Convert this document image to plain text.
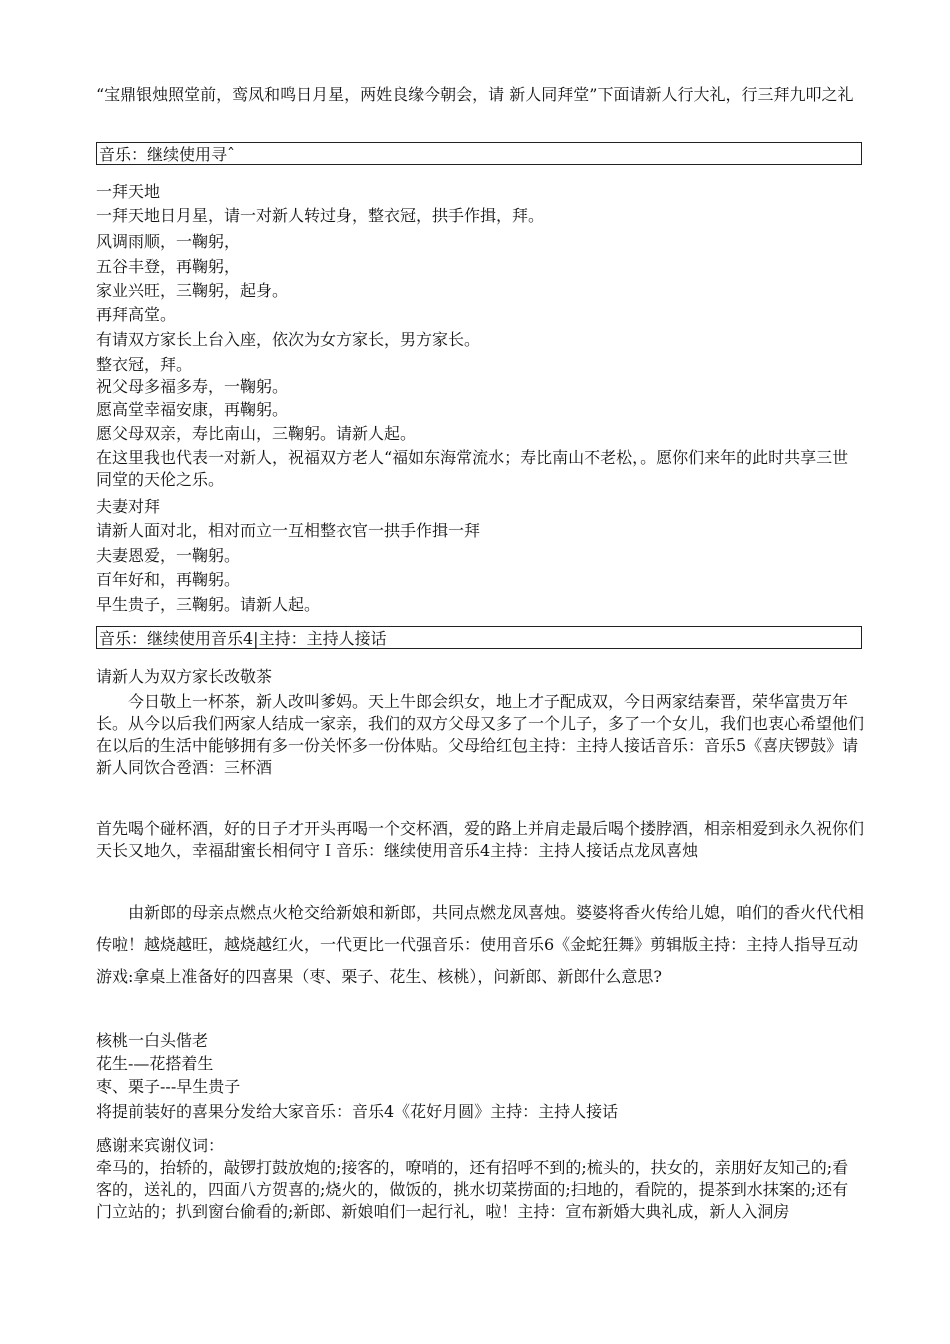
“宝鼎银烛照堂前，鸾凤和鸣日月星，两姓良缘今朝会，请 新人同拜堂”下面请新人行大礼，行三拜九叩之礼

音乐：继续使用寻ˆ

一拜天地

一拜天地日月星，请一对新人转过身，整衣冠，拱手作揖，拜。

风调雨顺，一鞠躬，

五谷丰登，再鞠躬，

家业兴旺，三鞠躬，起身。

再拜高堂。

有请双方家长上台入座，依次为女方家长，男方家长。

整衣冠，拜。

祝父母多福多寿，一鞠躬。

愿高堂幸福安康，再鞠躬。

愿父母双亲，寿比南山，三鞠躬。请新人起。

在这里我也代表一对新人，祝福双方老人“福如东海常流水；寿比南山不老松，。愿你们来年的此时共享三世同堂的天伦之乐。

夫妻对拜

请新人面对北，相对而立一互相整衣官一拱手作揖一拜

夫妻恩爱，一鞠躬。

百年好和，再鞠躬。

早生贵子，三鞠躬。请新人起。

音乐：继续使用音乐4|主持：主持人接话

请新人为双方家长改敬茶

今日敬上一杯茶，新人改叫爹妈。天上牛郎会织女，地上才子配成双，今日两家结秦晋，荣华富贵万年长。从今以后我们两家人结成一家亲，我们的双方父母又多了一个儿子，多了一个女儿，我们也衷心希望他们在以后的生活中能够拥有多一份关怀多一份体贴。父母给红包主持：主持人接话音乐：音乐5《喜庆锣鼓》请新人同饮合卺酒：三杯酒

首先喝个碰杯酒，好的日子才开头再喝一个交杯酒，爱的路上并肩走最后喝个搂脖酒，相亲相爱到永久祝你们天长又地久，幸福甜蜜长相伺守Ｉ音乐：继续使用音乐4主持：主持人接话点龙凤喜烛

由新郎的母亲点燃点火枪交给新娘和新郎，共同点燃龙凤喜烛。婆婆将香火传给儿媳，咱们的香火代代相传啦！越烧越旺，越烧越红火，一代更比一代强音乐：使用音乐6《金蛇狂舞》剪辑版主持：主持人指导互动游戏:拿桌上准备好的四喜果（枣、栗子、花生、核桃），问新郎、新郎什么意思?

核桃一白头偕老

花生-—花搭着生

枣、栗子---早生贵子

将提前装好的喜果分发给大家音乐：音乐4《花好月圆》主持：主持人接话

感谢来宾谢仪词：

牵马的，抬轿的，敲锣打鼓放炮的;接客的，嘹哨的，还有招呼不到的;梳头的，扶女的，亲朋好友知己的;看客的，送礼的，四面八方贺喜的;烧火的，做饭的，挑水切菜捞面的;扫地的，看院的，提茶到水抹案的;还有门立站的；扒到窗台偷看的;新郎、新娘咱们一起行礼，啦！主持：宣布新婚大典礼成，新人入洞房
